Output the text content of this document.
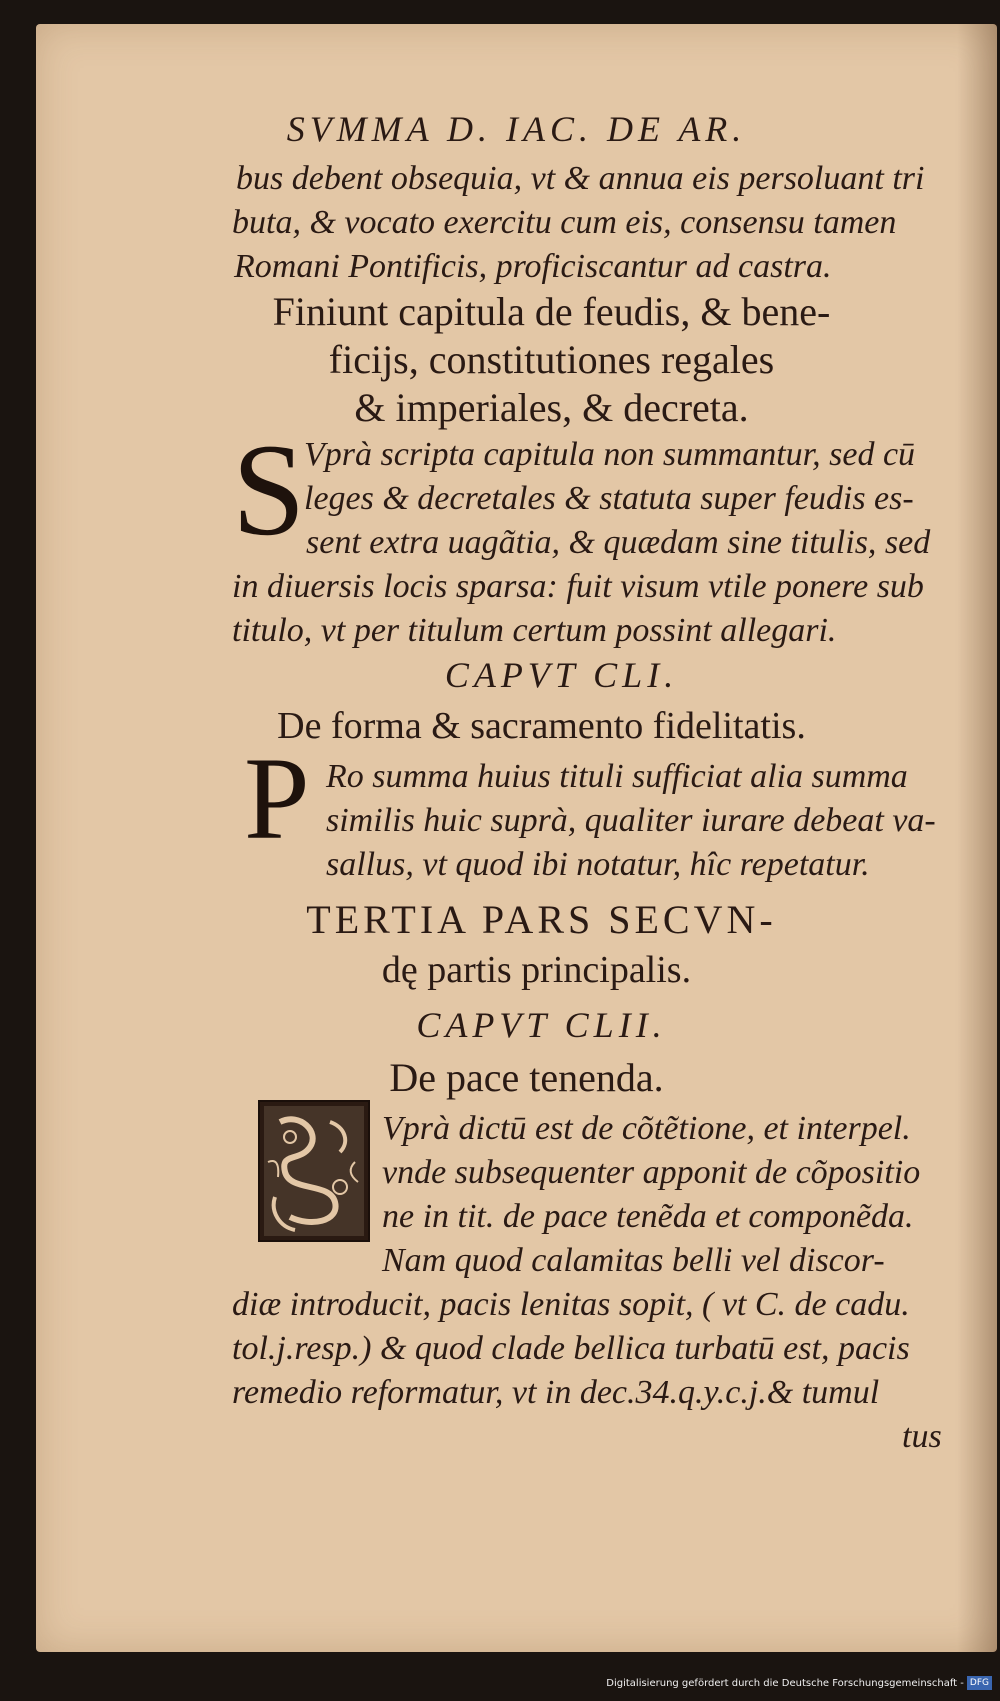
SVMMA D. IAC. DE AR.
bus debent obsequia, vt & annua eis persoluant tri
buta, & vocato exercitu cum eis, consensu tamen
Romani Pontificis, proficiscantur ad castra.
Finiunt capitula de feudis, & bene-
ficijs, constitutiones regales
& imperiales, & decreta.
S
Vprà scripta capitula non summantur, sed cū
leges & decretales & statuta super feudis es-
sent extra uagãtia, & quædam sine titulis, sed
in diuersis locis sparsa: fuit visum vtile ponere sub
titulo, vt per titulum certum possint allegari.
CAPVT CLI.
De forma & sacramento fidelitatis.
P Ro summa huius tituli sufficiat alia summa
similis huic suprà, qualiter iurare debeat va-
sallus, vt quod ibi notatur, hîc repetatur.
TERTIA PARS SECVN-
dę partis principalis.
CAPVT CLII.
De pace tenenda.
Vprà dictū est de cõtẽtione, et interpel.
vnde subsequenter apponit de cõpositio
ne in tit. de pace tenẽda et componẽda.
Nam quod calamitas belli vel discor-
diæ introducit, pacis lenitas sopit, ( vt C. de cadu.
tol.j.resp.) & quod clade bellica turbatū est, pacis
remedio reformatur, vt in dec.34.q.y.c.j.& tumul
tus
Digitalisierung gefördert durch die Deutsche Forschungsgemeinschaft - DFG
